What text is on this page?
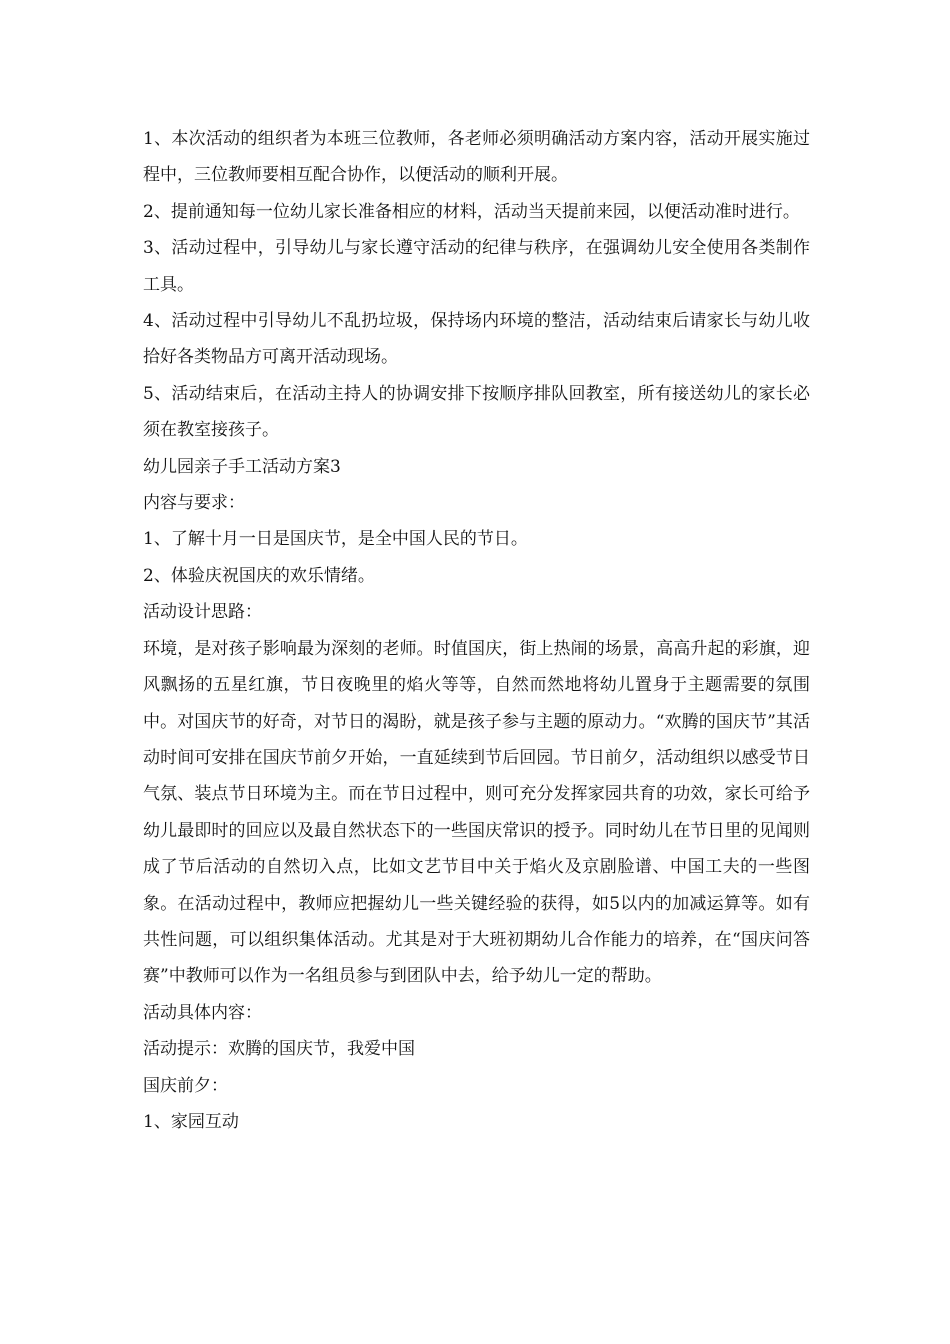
1、本次活动的组织者为本班三位教师，各老师必须明确活动方案内容，活动开展实施过程中，三位教师要相互配合协作，以便活动的顺利开展。

2、提前通知每一位幼儿家长准备相应的材料，活动当天提前来园，以便活动准时进行。

3、活动过程中，引导幼儿与家长遵守活动的纪律与秩序，在强调幼儿安全使用各类制作工具。

4、活动过程中引导幼儿不乱扔垃圾，保持场内环境的整洁，活动结束后请家长与幼儿收拾好各类物品方可离开活动现场。

5、活动结束后，在活动主持人的协调安排下按顺序排队回教室，所有接送幼儿的家长必须在教室接孩子。

幼儿园亲子手工活动方案3

内容与要求：

1、了解十月一日是国庆节，是全中国人民的节日。

2、体验庆祝国庆的欢乐情绪。

活动设计思路：

环境，是对孩子影响最为深刻的老师。时值国庆，街上热闹的场景，高高升起的彩旗，迎风飘扬的五星红旗，节日夜晚里的焰火等等，自然而然地将幼儿置身于主题需要的氛围中。对国庆节的好奇，对节日的渴盼，就是孩子参与主题的原动力。“欢腾的国庆节”其活动时间可安排在国庆节前夕开始，一直延续到节后回园。节日前夕，活动组织以感受节日气氛、装点节日环境为主。而在节日过程中，则可充分发挥家园共育的功效，家长可给予幼儿最即时的回应以及最自然状态下的一些国庆常识的授予。同时幼儿在节日里的见闻则成了节后活动的自然切入点，比如文艺节目中关于焰火及京剧脸谱、中国工夫的一些图象。在活动过程中，教师应把握幼儿一些关键经验的获得，如5以内的加减运算等。如有共性问题，可以组织集体活动。尤其是对于大班初期幼儿合作能力的培养，在“国庆问答赛”中教师可以作为一名组员参与到团队中去，给予幼儿一定的帮助。

活动具体内容：

活动提示：欢腾的国庆节，我爱中国

国庆前夕：

1、家园互动
